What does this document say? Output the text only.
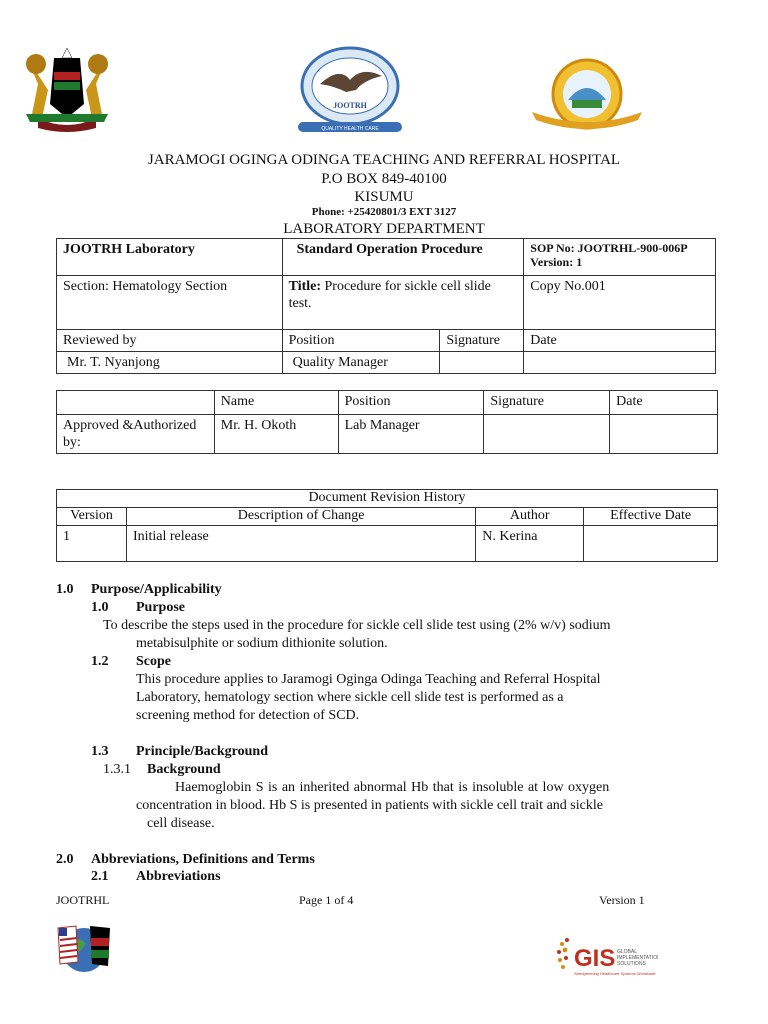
JOOTRH
QUALITY HEALTH CARE
JARAMOGI OGINGA ODINGA TEACHING AND REFERRAL HOSPITAL
P.O BOX 849-40100
KISUMU
Phone: +25420801/3 EXT 3127
LABORATORY DEPARTMENT
JOOTRH Laboratory	Standard Operation Procedure		SOP No: JOOTRHL-900-006P
Version: 1

Section: Hematology Section	Title: Procedure for sickle cell slide test.		Copy No.001
Reviewed by	Position	Signature	Date
Mr. T. Nyanjong	Quality Manager		
	Name	Position	Signature	Date
Approved &Authorized by:	Mr. H. Okoth	Lab Manager		
Document Revision History			
Version	Description of Change	Author	Effective Date
1	Initial release	N. Kerina	
1.0 Purpose/Applicability
1.0 Purpose
To describe the steps used in the procedure for sickle cell slide test using (2% w/v) sodium
metabisulphite or sodium dithionite solution.
1.2 Scope
This procedure applies to Jaramogi Oginga Odinga Teaching and Referral Hospital
Laboratory, hematology section where sickle cell slide test is performed as a
screening method for detection of SCD.
1.3 Principle/Background
1.3.1 Background
Haemoglobin S is an inherited abnormal Hb that is insoluble at low oxygen
concentration in blood. Hb S is presented in patients with sickle cell trait and sickle
cell disease.
2.0 Abbreviations, Definitions and Terms
2.1 Abbreviations
JOOTRHL	Page 1 of 4	Version 1
GIS GLOBAL
IMPLEMENTATION
SOLUTIONS
Strengthening Healthcare Systems Worldwide
